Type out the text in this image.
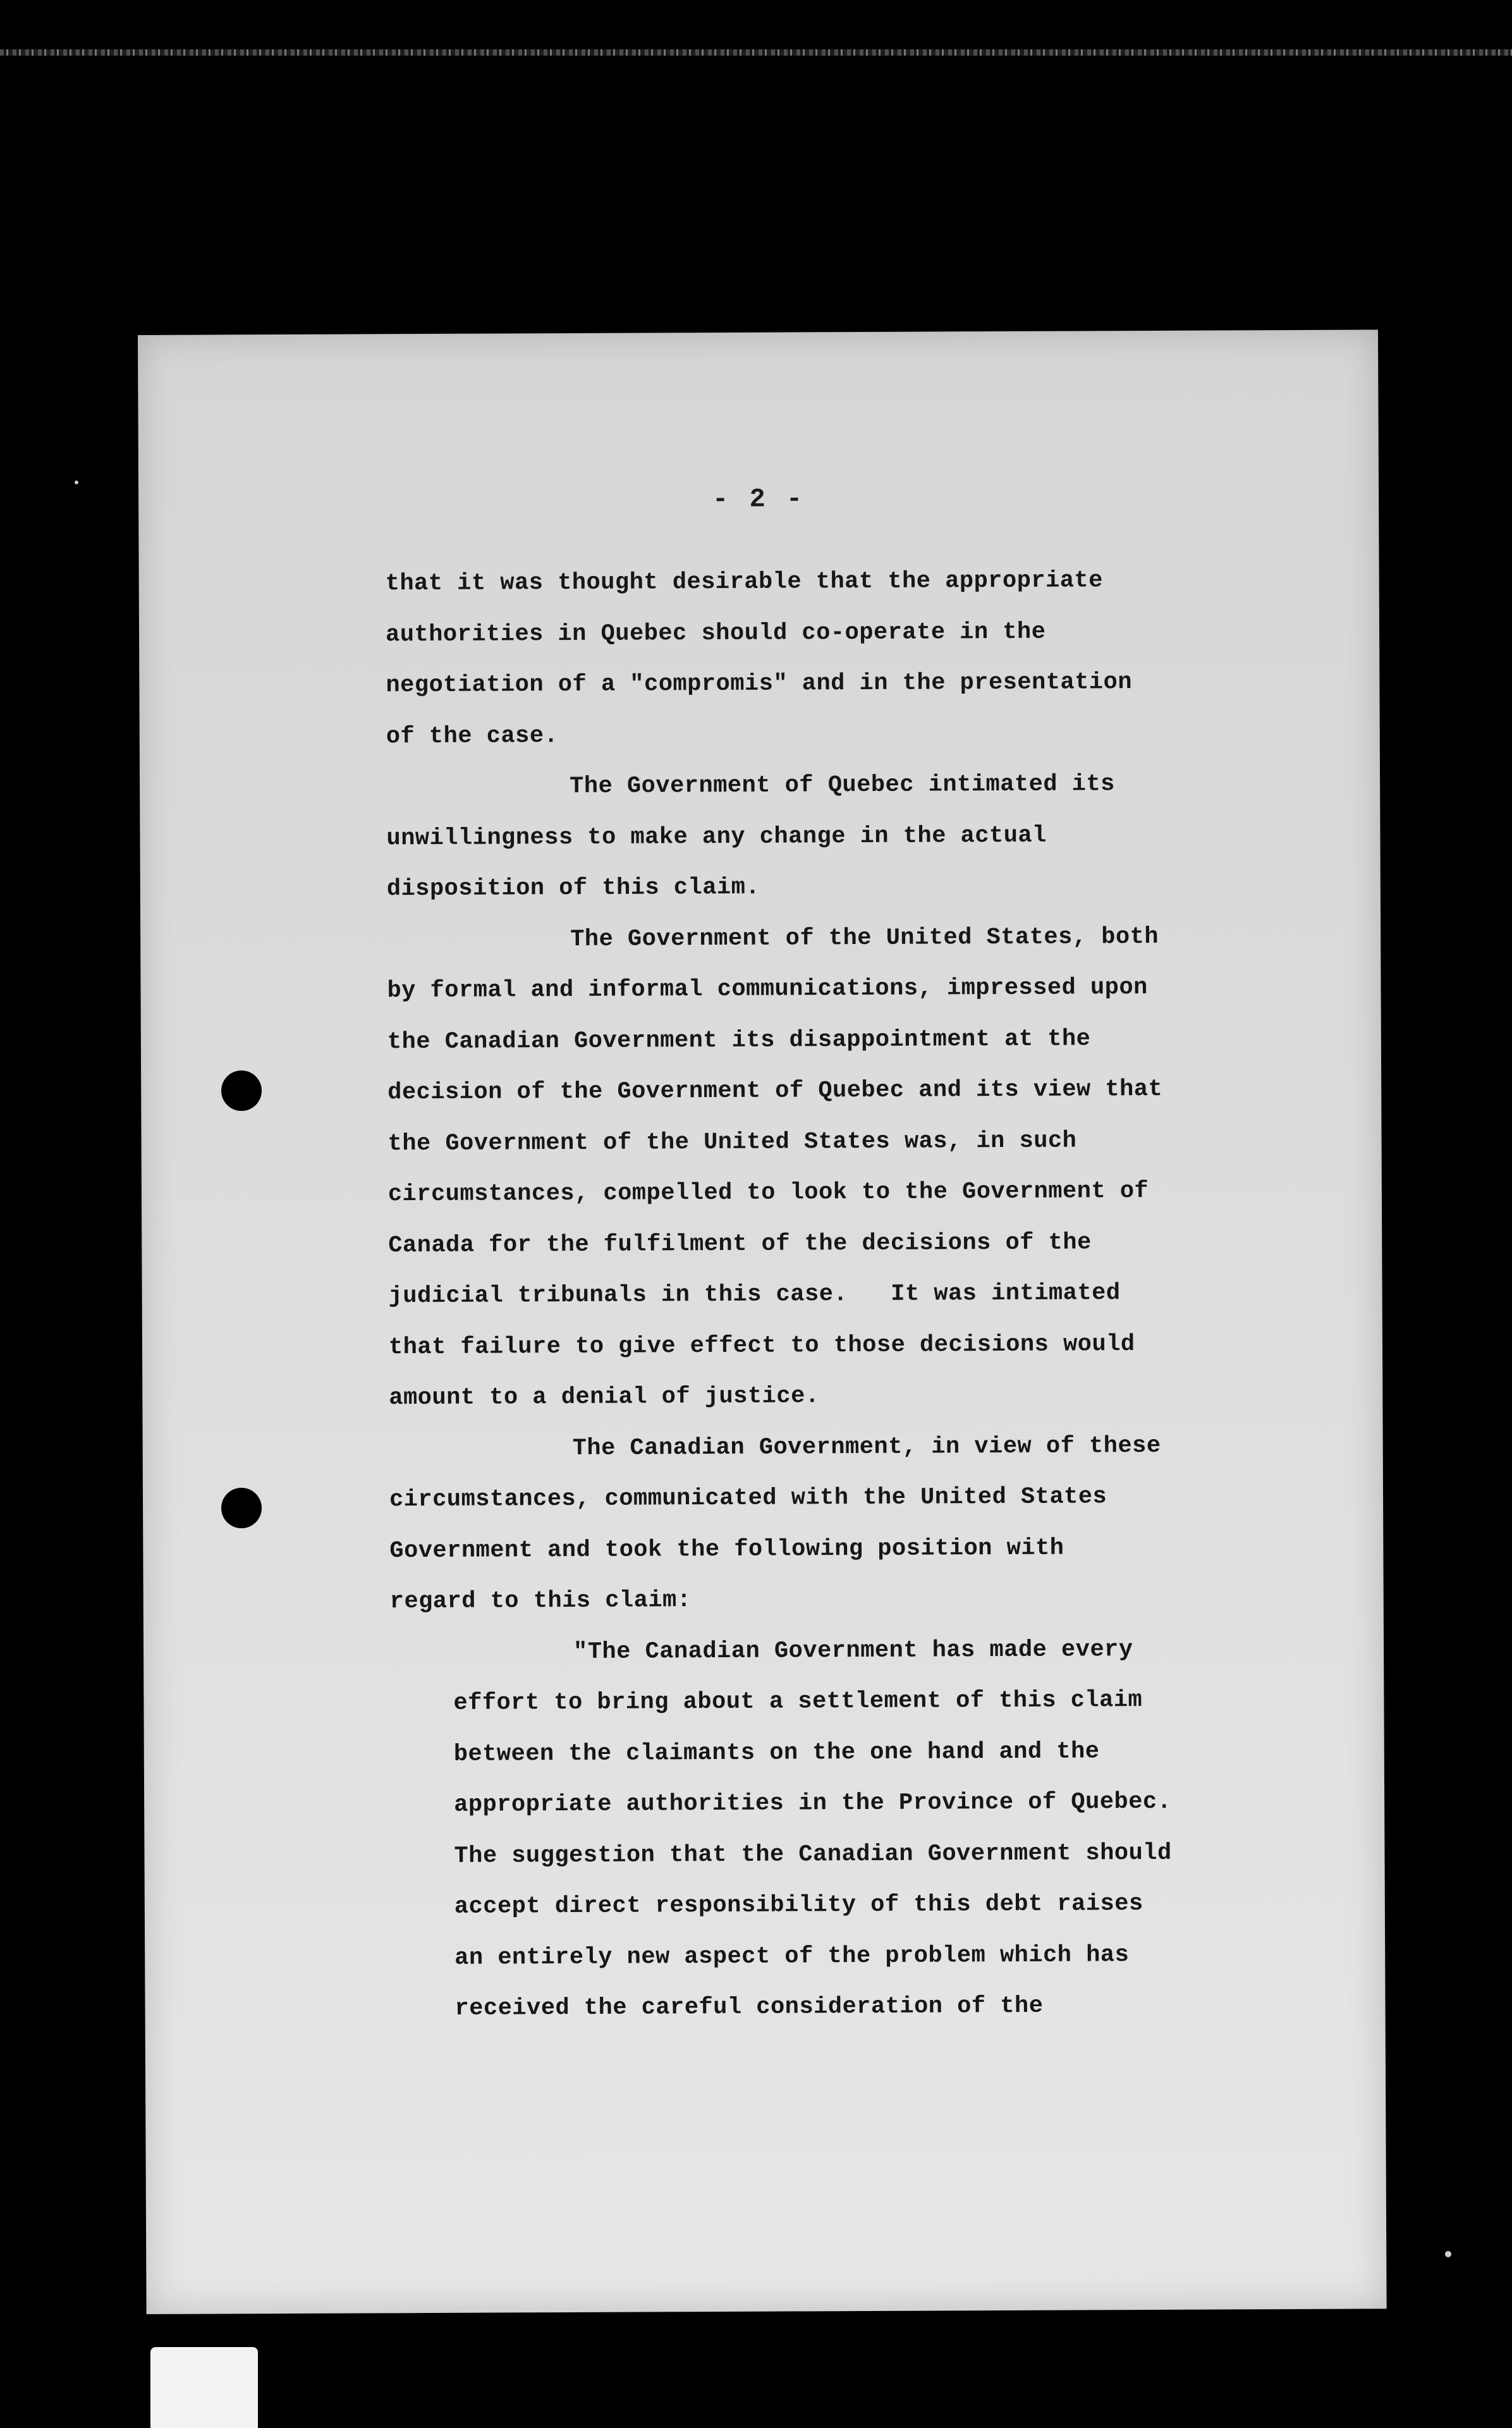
- 2 -
that it was thought desirable that the appropriate
authorities in Quebec should co-operate in the
negotiation of a "compromis" and in the presentation
of the case.
The Government of Quebec intimated its
unwillingness to make any change in the actual
disposition of this claim.
The Government of the United States, both
by formal and informal communications, impressed upon
the Canadian Government its disappointment at the
decision of the Government of Quebec and its view that
the Government of the United States was, in such
circumstances, compelled to look to the Government of
Canada for the fulfilment of the decisions of the
judicial tribunals in this case.   It was intimated
that failure to give effect to those decisions would
amount to a denial of justice.
The Canadian Government, in view of these
circumstances, communicated with the United States
Government and took the following position with
regard to this claim:
"The Canadian Government has made every
effort to bring about a settlement of this claim
between the claimants on the one hand and the
appropriate authorities in the Province of Quebec.
The suggestion that the Canadian Government should
accept direct responsibility of this debt raises
an entirely new aspect of the problem which has
received the careful consideration of the
